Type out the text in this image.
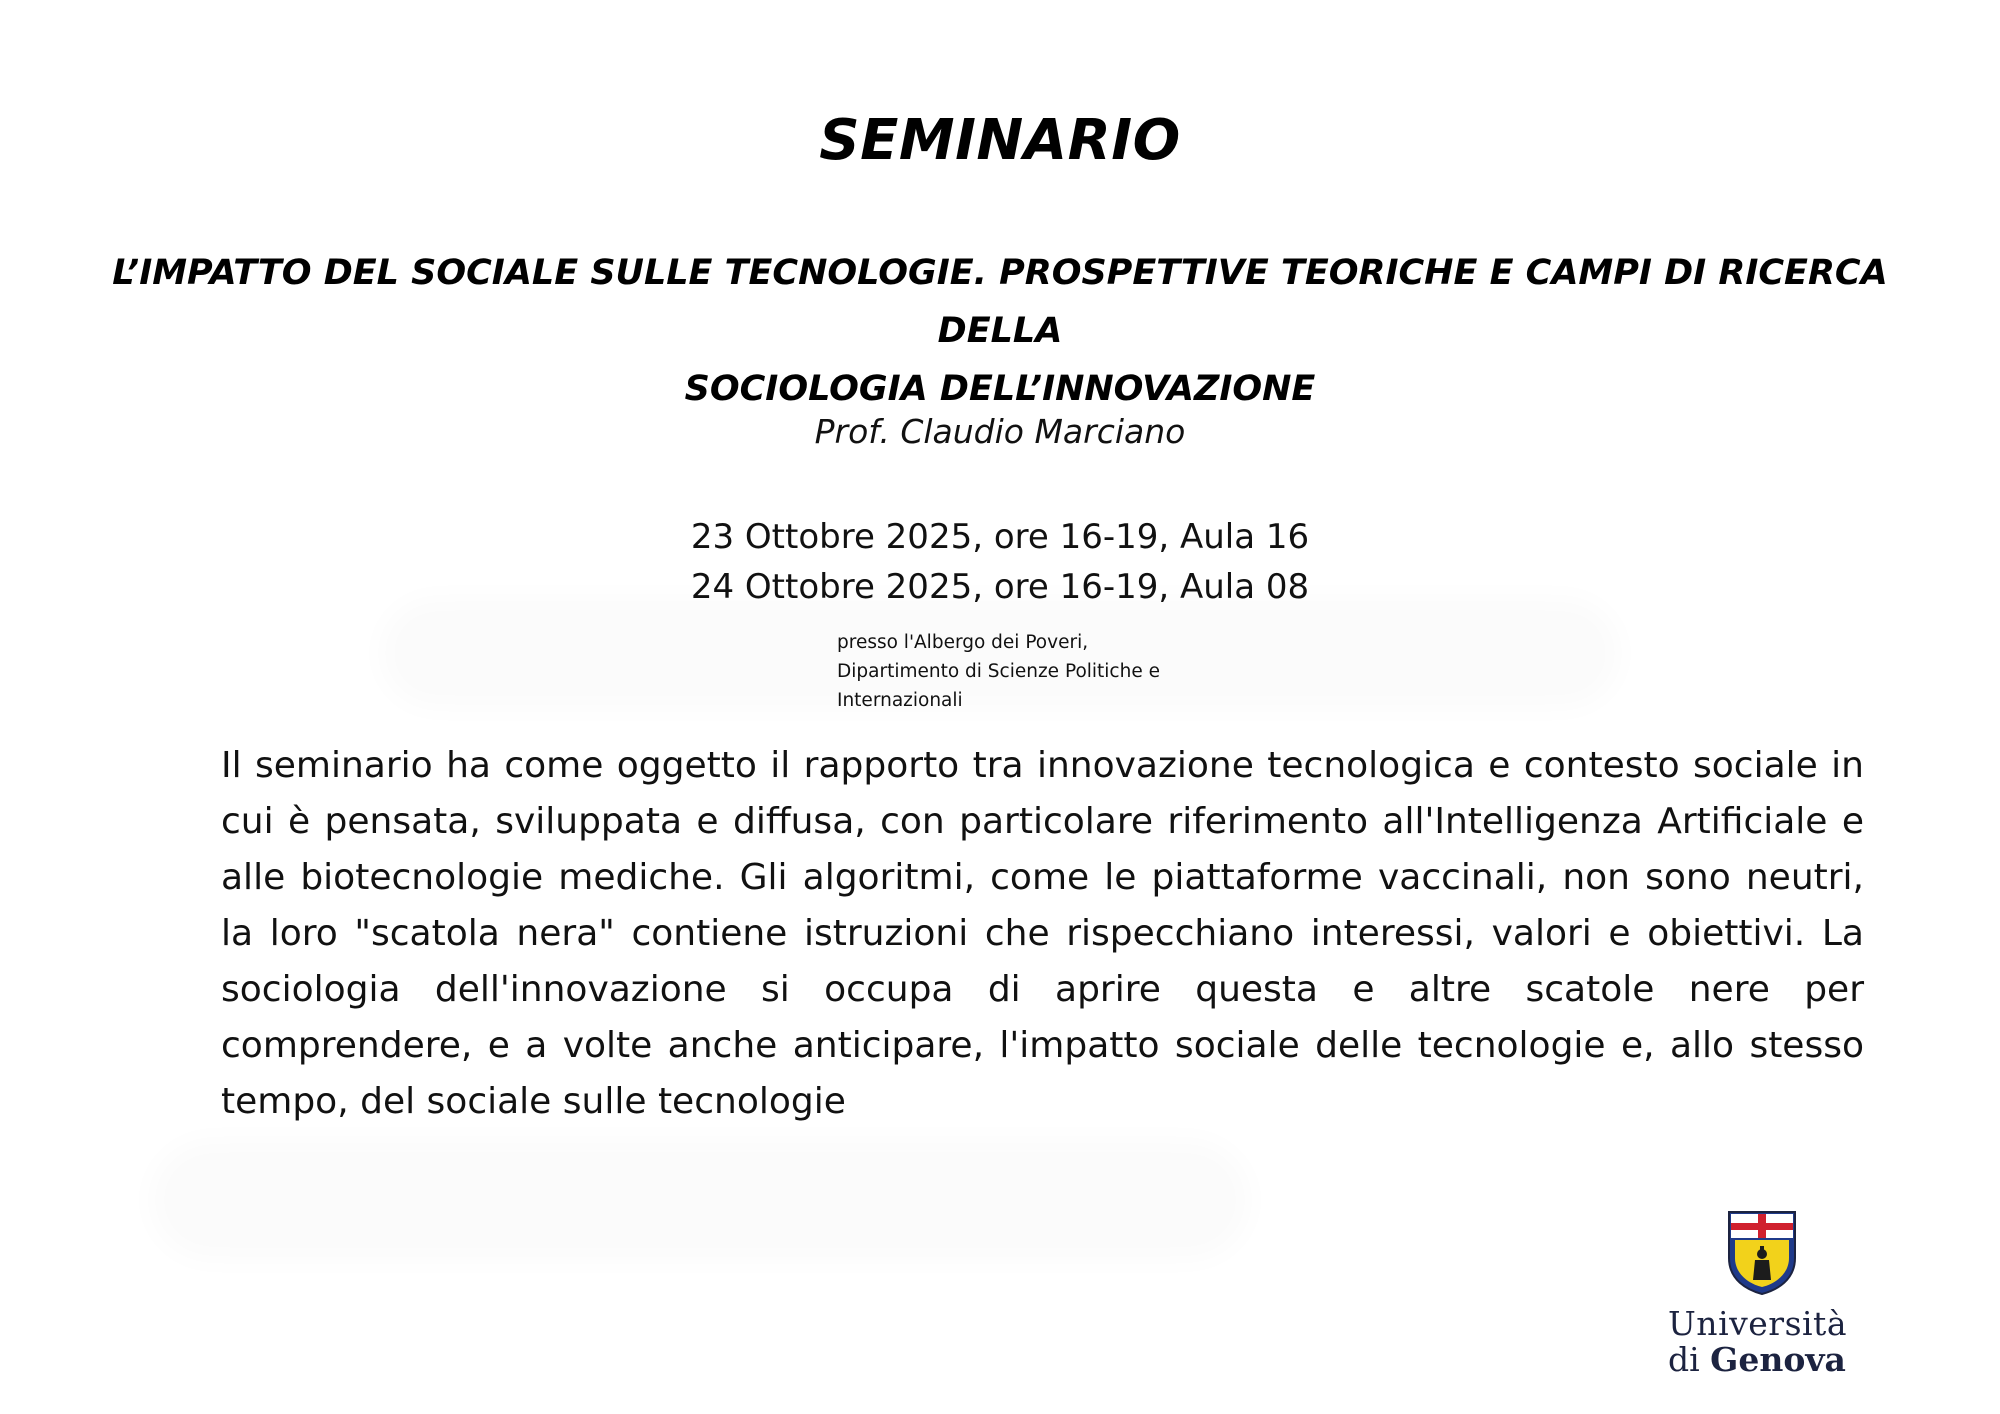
SEMINARIO
L’IMPATTO DEL SOCIALE SULLE TECNOLOGIE. PROSPETTIVE TEORICHE E CAMPI DI RICERCA DELLA
SOCIOLOGIA DELL’INNOVAZIONE
Prof. Claudio Marciano
23 Ottobre 2025, ore 16-19, Aula 16
24 Ottobre 2025, ore 16-19, Aula 08
presso l'Albergo dei Poveri,
Dipartimento di Scienze Politiche e
Internazionali
Il seminario ha come oggetto il rapporto tra innovazione tecnologica e contesto sociale in cui è pensata, sviluppata e diffusa, con particolare riferimento all'Intelligenza Artificiale e alle biotecnologie mediche. Gli algoritmi, come le piattaforme vaccinali, non sono neutri, la loro "scatola nera" contiene istruzioni che rispecchiano interessi, valori e obiettivi. La sociologia dell'innovazione si occupa di aprire questa e altre scatole nere per comprendere, e a volte anche anticipare, l'impatto sociale delle tecnologie e, allo stesso tempo, del sociale sulle tecnologie
Università
di Genova
